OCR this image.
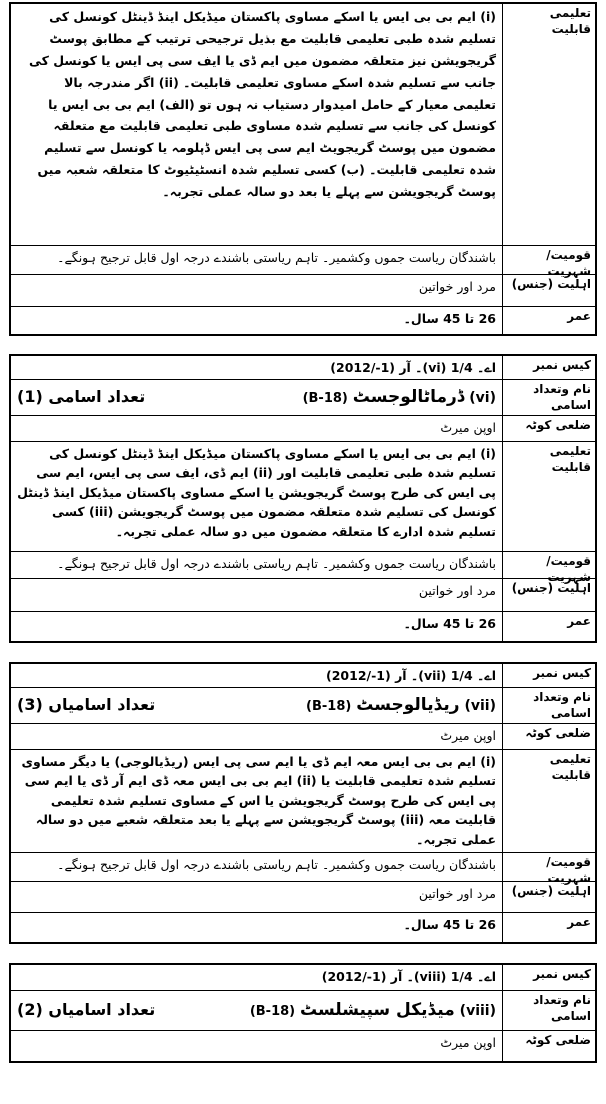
تعلیمی قابلیت
(i) ایم بی بی ایس یا اسکے مساوی پاکستان میڈیکل اینڈ ڈینٹل کونسل کی تسلیم شدہ طبی تعلیمی قابلیت مع بذیل ترجیحی ترتیب کے مطابق پوسٹ گریجویشن نیز متعلقہ مضمون میں ایم ڈی یا ایف سی پی ایس یا کونسل کی جانب سے تسلیم شدہ اسکے مساوی تعلیمی قابلیت۔ (ii) اگر مندرجہ بالا تعلیمی معیار کے حامل امیدوار دستیاب نہ ہوں تو (الف) ایم بی بی ایس یا کونسل کی جانب سے تسلیم شدہ مساوی طبی تعلیمی قابلیت مع متعلقہ مضمون میں پوسٹ گریجویٹ ایم سی پی ایس ڈپلومہ یا کونسل سے تسلیم شدہ تعلیمی قابلیت۔ (ب) کسی تسلیم شدہ انسٹیٹیوٹ کا متعلقہ شعبہ میں پوسٹ گریجویشن سے پہلے یا بعد دو سالہ عملی تجربہ۔
قومیت/شہریت
باشندگان ریاست جموں وکشمیر۔ تاہم ریاستی باشندے درجہ اول قابل ترجیح ہونگے۔
اہلیت (جنس)
مرد اور خواتین
عمر
26 تا 45 سال۔
کیس نمبر
اے۔ 1/4 (vi)۔ آر (1-/2012)
نام وتعداد اسامی
(vi) ڈرماٹالوجسٹ (B-18)
تعداد اسامی (1)
ضلعی کوٹہ
اوپن میرٹ
تعلیمی قابلیت
(i) ایم بی بی ایس یا اسکے مساوی پاکستان میڈیکل اینڈ ڈینٹل کونسل کی تسلیم شدہ طبی تعلیمی قابلیت اور (ii) ایم ڈی، ایف سی پی ایس، ایم سی پی ایس کی طرح پوسٹ گریجویشن یا اسکے مساوی پاکستان میڈیکل اینڈ ڈینٹل کونسل کی تسلیم شدہ متعلقہ مضمون میں پوسٹ گریجویشن (iii) کسی تسلیم شدہ ادارے کا متعلقہ مضمون میں دو سالہ عملی تجربہ۔
قومیت/شہریت
باشندگان ریاست جموں وکشمیر۔ تاہم ریاستی باشندے درجہ اول قابل ترجیح ہونگے۔
اہلیت (جنس)
مرد اور خواتین
عمر
26 تا 45 سال۔
کیس نمبر
اے۔ 1/4 (vii)۔ آر (1-/2012)
نام وتعداد اسامی
(vii) ریڈیالوجسٹ (B-18)
تعداد اسامیاں (3)
ضلعی کوٹہ
اوپن میرٹ
تعلیمی قابلیت
(i) ایم بی بی ایس معہ ایم ڈی یا ایم سی پی ایس (ریڈیالوجی) یا دیگر مساوی تسلیم شدہ تعلیمی قابلیت یا (ii) ایم بی بی ایس معہ ڈی ایم آر ڈی یا ایم سی پی ایس کی طرح پوسٹ گریجویشن یا اس کے مساوی تسلیم شدہ تعلیمی قابلیت معہ (iii) پوسٹ گریجویشن سے پہلے یا بعد متعلقہ شعبے میں دو سالہ عملی تجربہ۔
قومیت/شہریت
باشندگان ریاست جموں وکشمیر۔ تاہم ریاستی باشندے درجہ اول قابل ترجیح ہونگے۔
اہلیت (جنس)
مرد اور خواتین
عمر
26 تا 45 سال۔
کیس نمبر
اے۔ 1/4 (viii)۔ آر (1-/2012)
نام وتعداد اسامی
(viii) میڈیکل سپیشلسٹ (B-18)
تعداد اسامیاں (2)
ضلعی کوٹہ
اوپن میرٹ
